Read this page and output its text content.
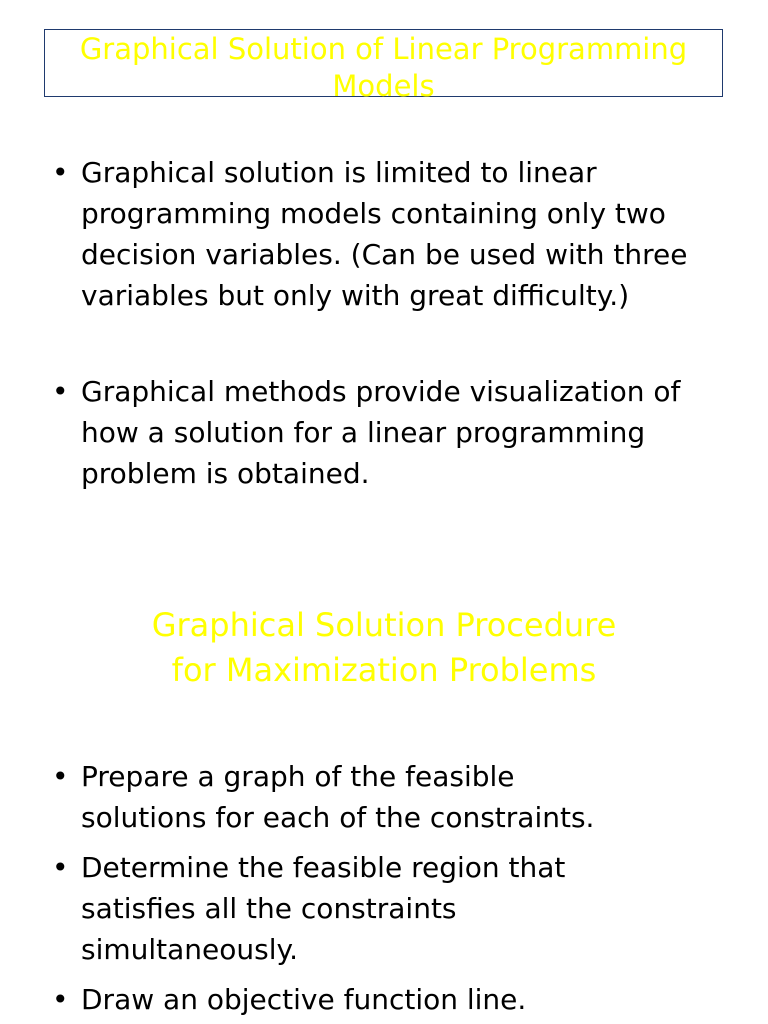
Graphical Solution of Linear Programming
Models
• Graphical solution is limited to linear
programming models containing only two
decision variables. (Can be used with three
variables but only with great difficulty.)
• Graphical methods provide visualization of
how a solution for a linear programming
problem is obtained.
Graphical Solution Procedure
for Maximization Problems
• Prepare a graph of the feasible
solutions for each of the constraints.
• Determine the feasible region that
satisfies all the constraints
simultaneously.
• Draw an objective function line.
